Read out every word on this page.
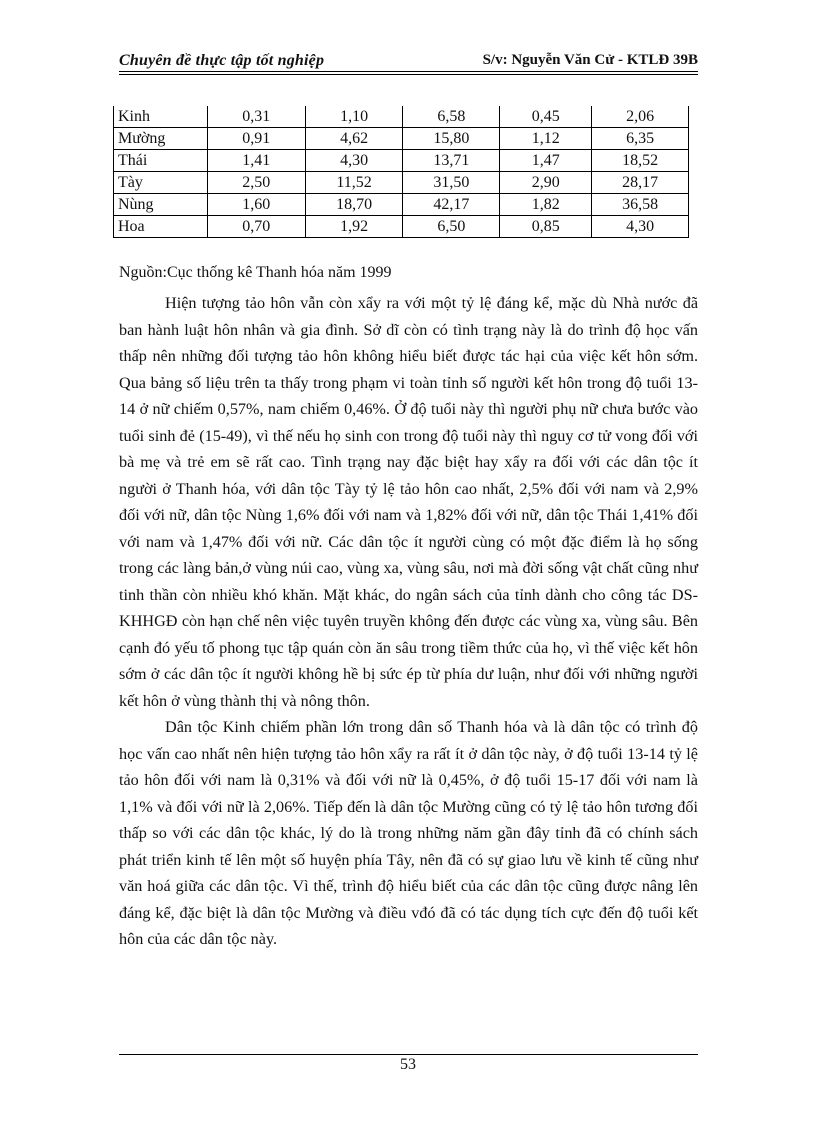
Chuyên đề thực tập tốt nghiệp	S/v: Nguyễn Văn Cử - KTLĐ 39B
Kinh	0,31	1,10	6,58	0,45	2,06
Mường	0,91	4,62	15,80	1,12	6,35
Thái	1,41	4,30	13,71	1,47	18,52
Tày	2,50	11,52	31,50	2,90	28,17
Nùng	1,60	18,70	42,17	1,82	36,58
Hoa	0,70	1,92	6,50	0,85	4,30
Nguồn:Cục thống kê Thanh hóa năm 1999

Hiện tượng tảo hôn vẫn còn xẩy ra với một tỷ lệ đáng kể, mặc dù Nhà nước đã ban hành luật hôn nhân và gia đình. Sở dĩ còn có tình trạng này là do trình độ học vấn thấp nên những đối tượng tảo hôn không hiểu biết được tác hại của việc kết hôn sớm. Qua bảng số liệu trên ta thấy trong phạm vi toàn tỉnh số người kết hôn trong độ tuổi 13-14 ở nữ chiếm 0,57%, nam chiếm 0,46%. Ở độ tuổi này thì người phụ nữ chưa bước vào tuổi sinh đẻ (15-49), vì thế nếu họ sinh con trong độ tuổi này thì nguy cơ tử vong đối với bà mẹ và trẻ em sẽ rất cao. Tình trạng nay đặc biệt hay xẩy ra đối với các dân tộc ít người ở Thanh hóa, với dân tộc Tày tỷ lệ tảo hôn cao nhất, 2,5% đối với nam và 2,9% đối với nữ, dân tộc Nùng 1,6% đối với nam và 1,82% đối với nữ, dân tộc Thái 1,41% đối với nam và 1,47% đối với nữ. Các dân tộc ít người cùng có một đặc điểm là họ sống trong các làng bản,ở vùng núi cao, vùng xa, vùng sâu, nơi mà đời sống vật chất cũng như tinh thần còn nhiều khó khăn. Mặt khác, do ngân sách của tỉnh dành cho công tác DS-KHHGĐ còn hạn chế nên việc tuyên truyền không đến được các vùng xa, vùng sâu. Bên cạnh đó yếu tố phong tục tập quán còn ăn sâu trong tiềm thức của họ, vì thế việc kết hôn sớm ở các dân tộc ít người không hề bị sức ép từ phía dư luận, như đối với những người kết hôn ở vùng thành thị và nông thôn.

Dân tộc Kinh chiếm phần lớn trong dân số Thanh hóa và là dân tộc có trình độ học vấn cao nhất nên hiện tượng tảo hôn xẩy ra rất ít ở dân tộc này, ở độ tuổi 13-14 tỷ lệ tảo hôn đối với nam là 0,31% và đối với nữ là 0,45%, ở độ tuổi 15-17 đối với nam là 1,1% và đối với nữ là 2,06%. Tiếp đến là dân tộc Mường cũng có tỷ lệ tảo hôn tương đối thấp so với các dân tộc khác, lý do là trong những năm gần đây tỉnh đã có chính sách phát triển kinh tế lên một số huyện phía Tây, nên đã có sự giao lưu về kinh tế cũng như văn hoá giữa các dân tộc. Vì thế, trình độ hiểu biết của các dân tộc cũng được nâng lên đáng kể, đặc biệt là dân tộc Mường và điều vđó đã có tác dụng tích cực đến độ tuổi kết hôn của các dân tộc này.

53
